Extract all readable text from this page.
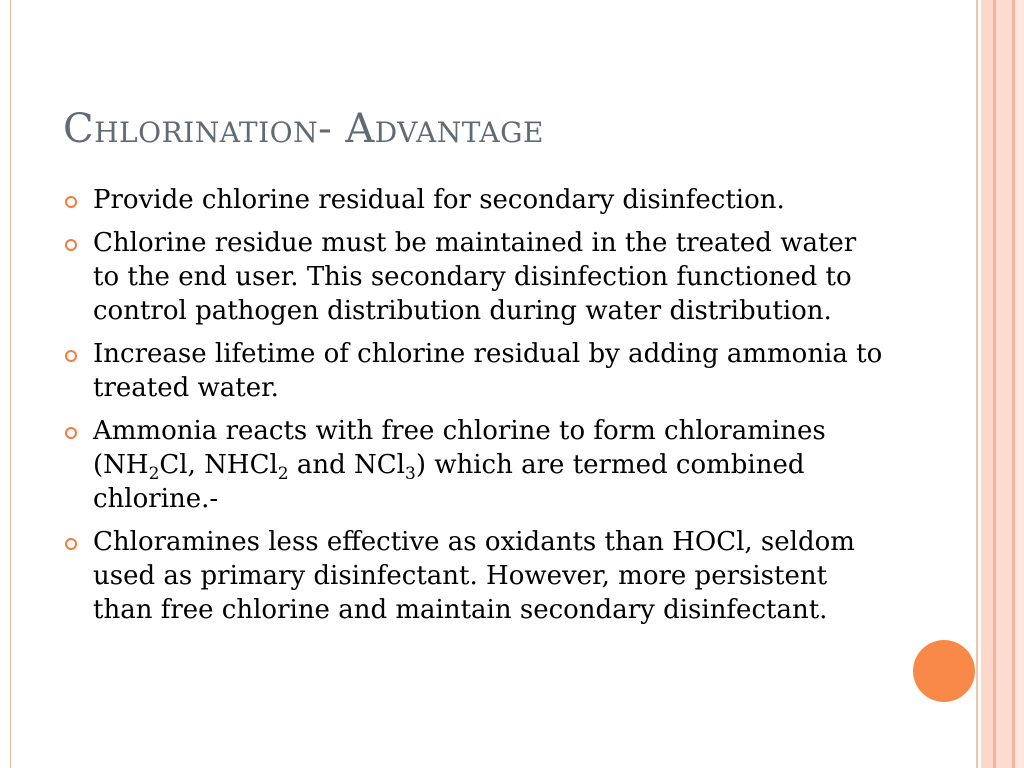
Chlorination- Advantage
Provide chlorine residual for secondary disinfection.
Chlorine residue must be maintained in the treated water to the end user. This secondary disinfection functioned to control pathogen distribution during water distribution.
Increase lifetime of chlorine residual by adding ammonia to treated water.
Ammonia reacts with free chlorine to form chloramines ($NH_2Cl$, NHCl$_2$ and NCl$_3$) which are termed combined chlorine.-
Chloramines less effective as oxidants than HOCl, seldom used as primary disinfectant. However, more persistent than free chlorine and maintain secondary disinfectant.
